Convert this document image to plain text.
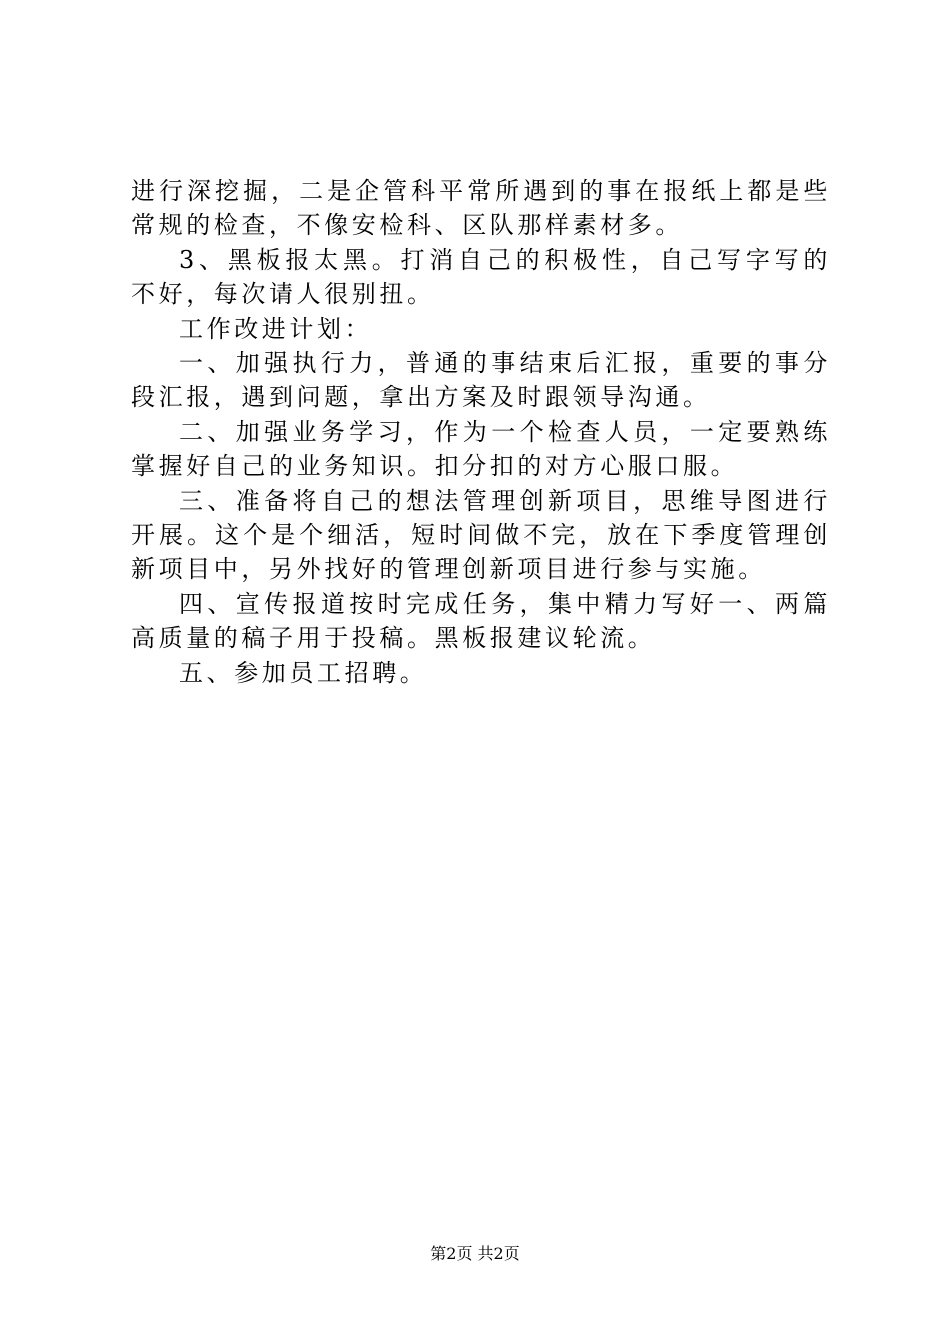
进行深挖掘，二是企管科平常所遇到的事在报纸上都是些常规的检查，不像安检科、区队那样素材多。

3、黑板报太黑。打消自己的积极性，自己写字写的不好，每次请人很别扭。

工作改进计划：

一、加强执行力，普通的事结束后汇报，重要的事分段汇报，遇到问题，拿出方案及时跟领导沟通。

二、加强业务学习，作为一个检查人员，一定要熟练掌握好自己的业务知识。扣分扣的对方心服口服。

三、准备将自己的想法管理创新项目，思维导图进行开展。这个是个细活，短时间做不完，放在下季度管理创新项目中，另外找好的管理创新项目进行参与实施。

四、宣传报道按时完成任务，集中精力写好一、两篇高质量的稿子用于投稿。黑板报建议轮流。

五、参加员工招聘。

第2页 共2页
